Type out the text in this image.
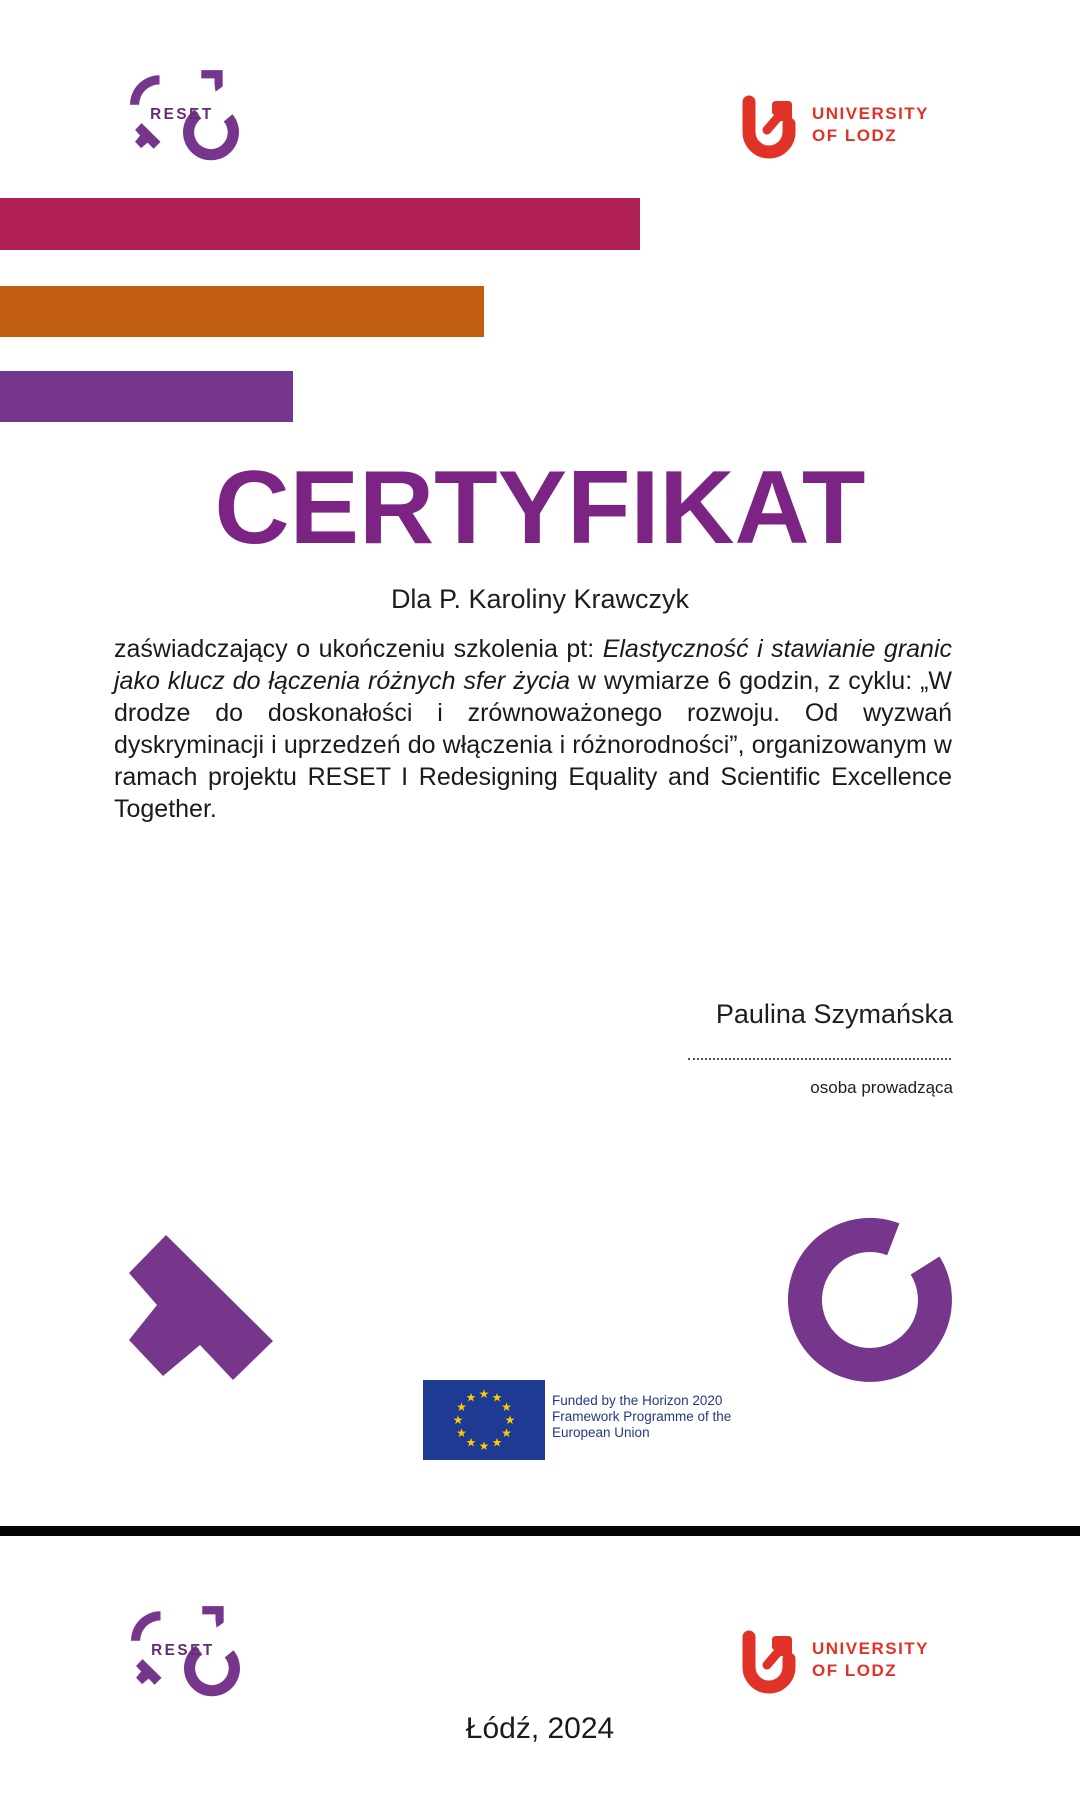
RESET	UNIVERSITY
OF LODZ
CERTYFIKAT
Dla P. Karoliny Krawczyk
zaświadczający o ukończeniu szkolenia pt: Elastyczność i stawianie granic jako klucz do łączenia różnych sfer życia w wymiarze 6 godzin, z cyklu: „W drodze do doskonałości i zrównoważonego rozwoju. Od wyzwań dyskryminacji i uprzedzeń do włączenia i różnorodności”, organizowanym w ramach projektu RESET I Redesigning Equality and Scientific Excellence Together.
Paulina Szymańska
osoba prowadząca
★ ★
★
★
★
★
★
★
★
★
★
★	Funded by the Horizon 2020
Framework Programme of the
European Union
RESET	UNIVERSITY
OF LODZ
Łódź, 2024
